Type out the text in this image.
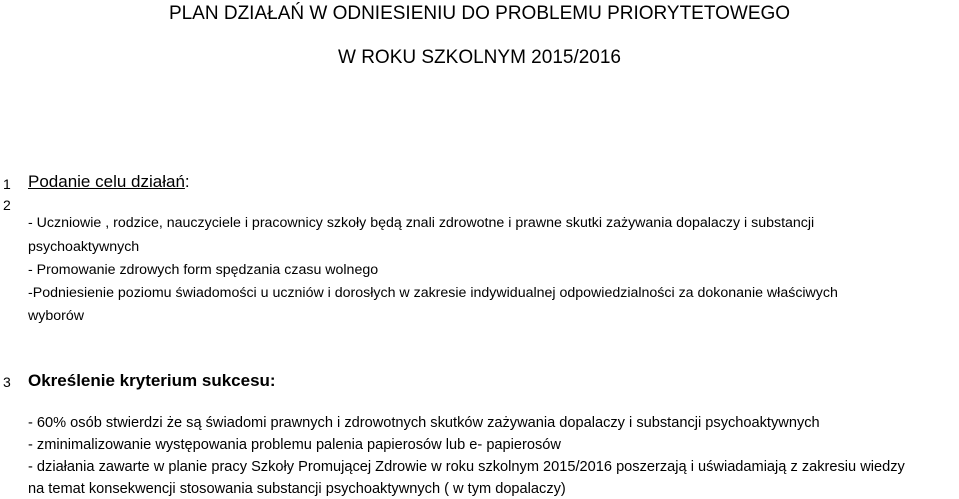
PLAN DZIAŁAŃ W ODNIESIENIU DO PROBLEMU PRIORYTETOWEGO
W ROKU SZKOLNYM 2015/2016
1
2
Podanie celu działań:
- Uczniowie , rodzice, nauczyciele i pracownicy szkoły będą znali zdrowotne i prawne skutki zażywania dopalaczy i substancji
psychoaktywnych
- Promowanie zdrowych form spędzania czasu wolnego
-Podniesienie poziomu świadomości u uczniów i dorosłych w zakresie indywidualnej odpowiedzialności za dokonanie właściwych
wyborów
3 Określenie kryterium sukcesu:
- 60% osób stwierdzi że są świadomi prawnych i zdrowotnych skutków zażywania dopalaczy i substancji psychoaktywnych
- zminimalizowanie występowania problemu palenia papierosów lub e- papierosów
- działania zawarte w planie pracy Szkoły Promującej Zdrowie w roku szkolnym 2015/2016 poszerzają i uświadamiają z zakresiu wiedzy
na temat konsekwencji stosowania substancji psychoaktywnych ( w tym dopalaczy)
